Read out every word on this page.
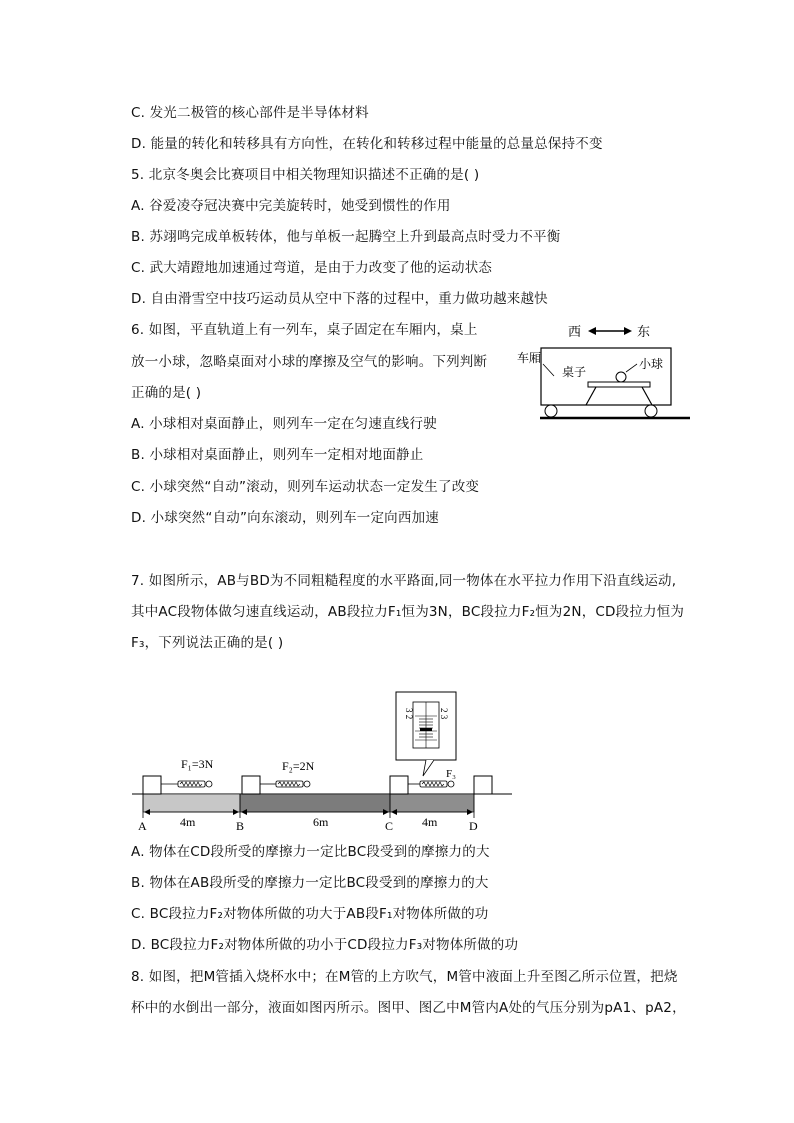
C. 发光二极管的核心部件是半导体材料
D. 能量的转化和转移具有方向性，在转化和转移过程中能量的总量总保持不变
5. 北京冬奥会比赛项目中相关物理知识描述不正确的是( )
A. 谷爱凌夺冠决赛中完美旋转时，她受到惯性的作用
B. 苏翊鸣完成单板转体，他与单板一起腾空上升到最高点时受力不平衡
C. 武大靖蹬地加速通过弯道，是由于力改变了他的运动状态
D. 自由滑雪空中技巧运动员从空中下落的过程中，重力做功越来越快
6. 如图，平直轨道上有一列车，桌子固定在车厢内，桌上
放一小球，忽略桌面对小球的摩擦及空气的影响。下列判断
正确的是( )
A. 小球相对桌面静止，则列车一定在匀速直线行驶
B. 小球相对桌面静止，则列车一定相对地面静止
C. 小球突然“自动”滚动，则列车运动状态一定发生了改变
D. 小球突然“自动”向东滚动，则列车一定向西加速
7. 如图所示，AB与BD为不同粗糙程度的水平路面,同一物体在水平拉力作用下沿直线运动,
其中AC段物体做匀速直线运动，AB段拉力F₁恒为3N，BC段拉力F₂恒为2N，CD段拉力恒为
F₃，下列说法正确的是( )
A. 物体在CD段所受的摩擦力一定比BC段受到的摩擦力的大
B. 物体在AB段所受的摩擦力一定比BC段受到的摩擦力的大
C. BC段拉力F₂对物体所做的功大于AB段F₁对物体所做的功
D. BC段拉力F₂对物体所做的功小于CD段拉力F₃对物体所做的功
8. 如图，把M管插入烧杯水中；在M管的上方吹气，M管中液面上升至图乙所示位置，把烧
杯中的水倒出一部分，液面如图丙所示。图甲、图乙中M管内A处的气压分别为pA1、pA2，
西	东
车厢
桌子
小球
4m	6m	4m
A	B	C	D
F₁=3N	F₂=2N
F₃
3 2	2 3
